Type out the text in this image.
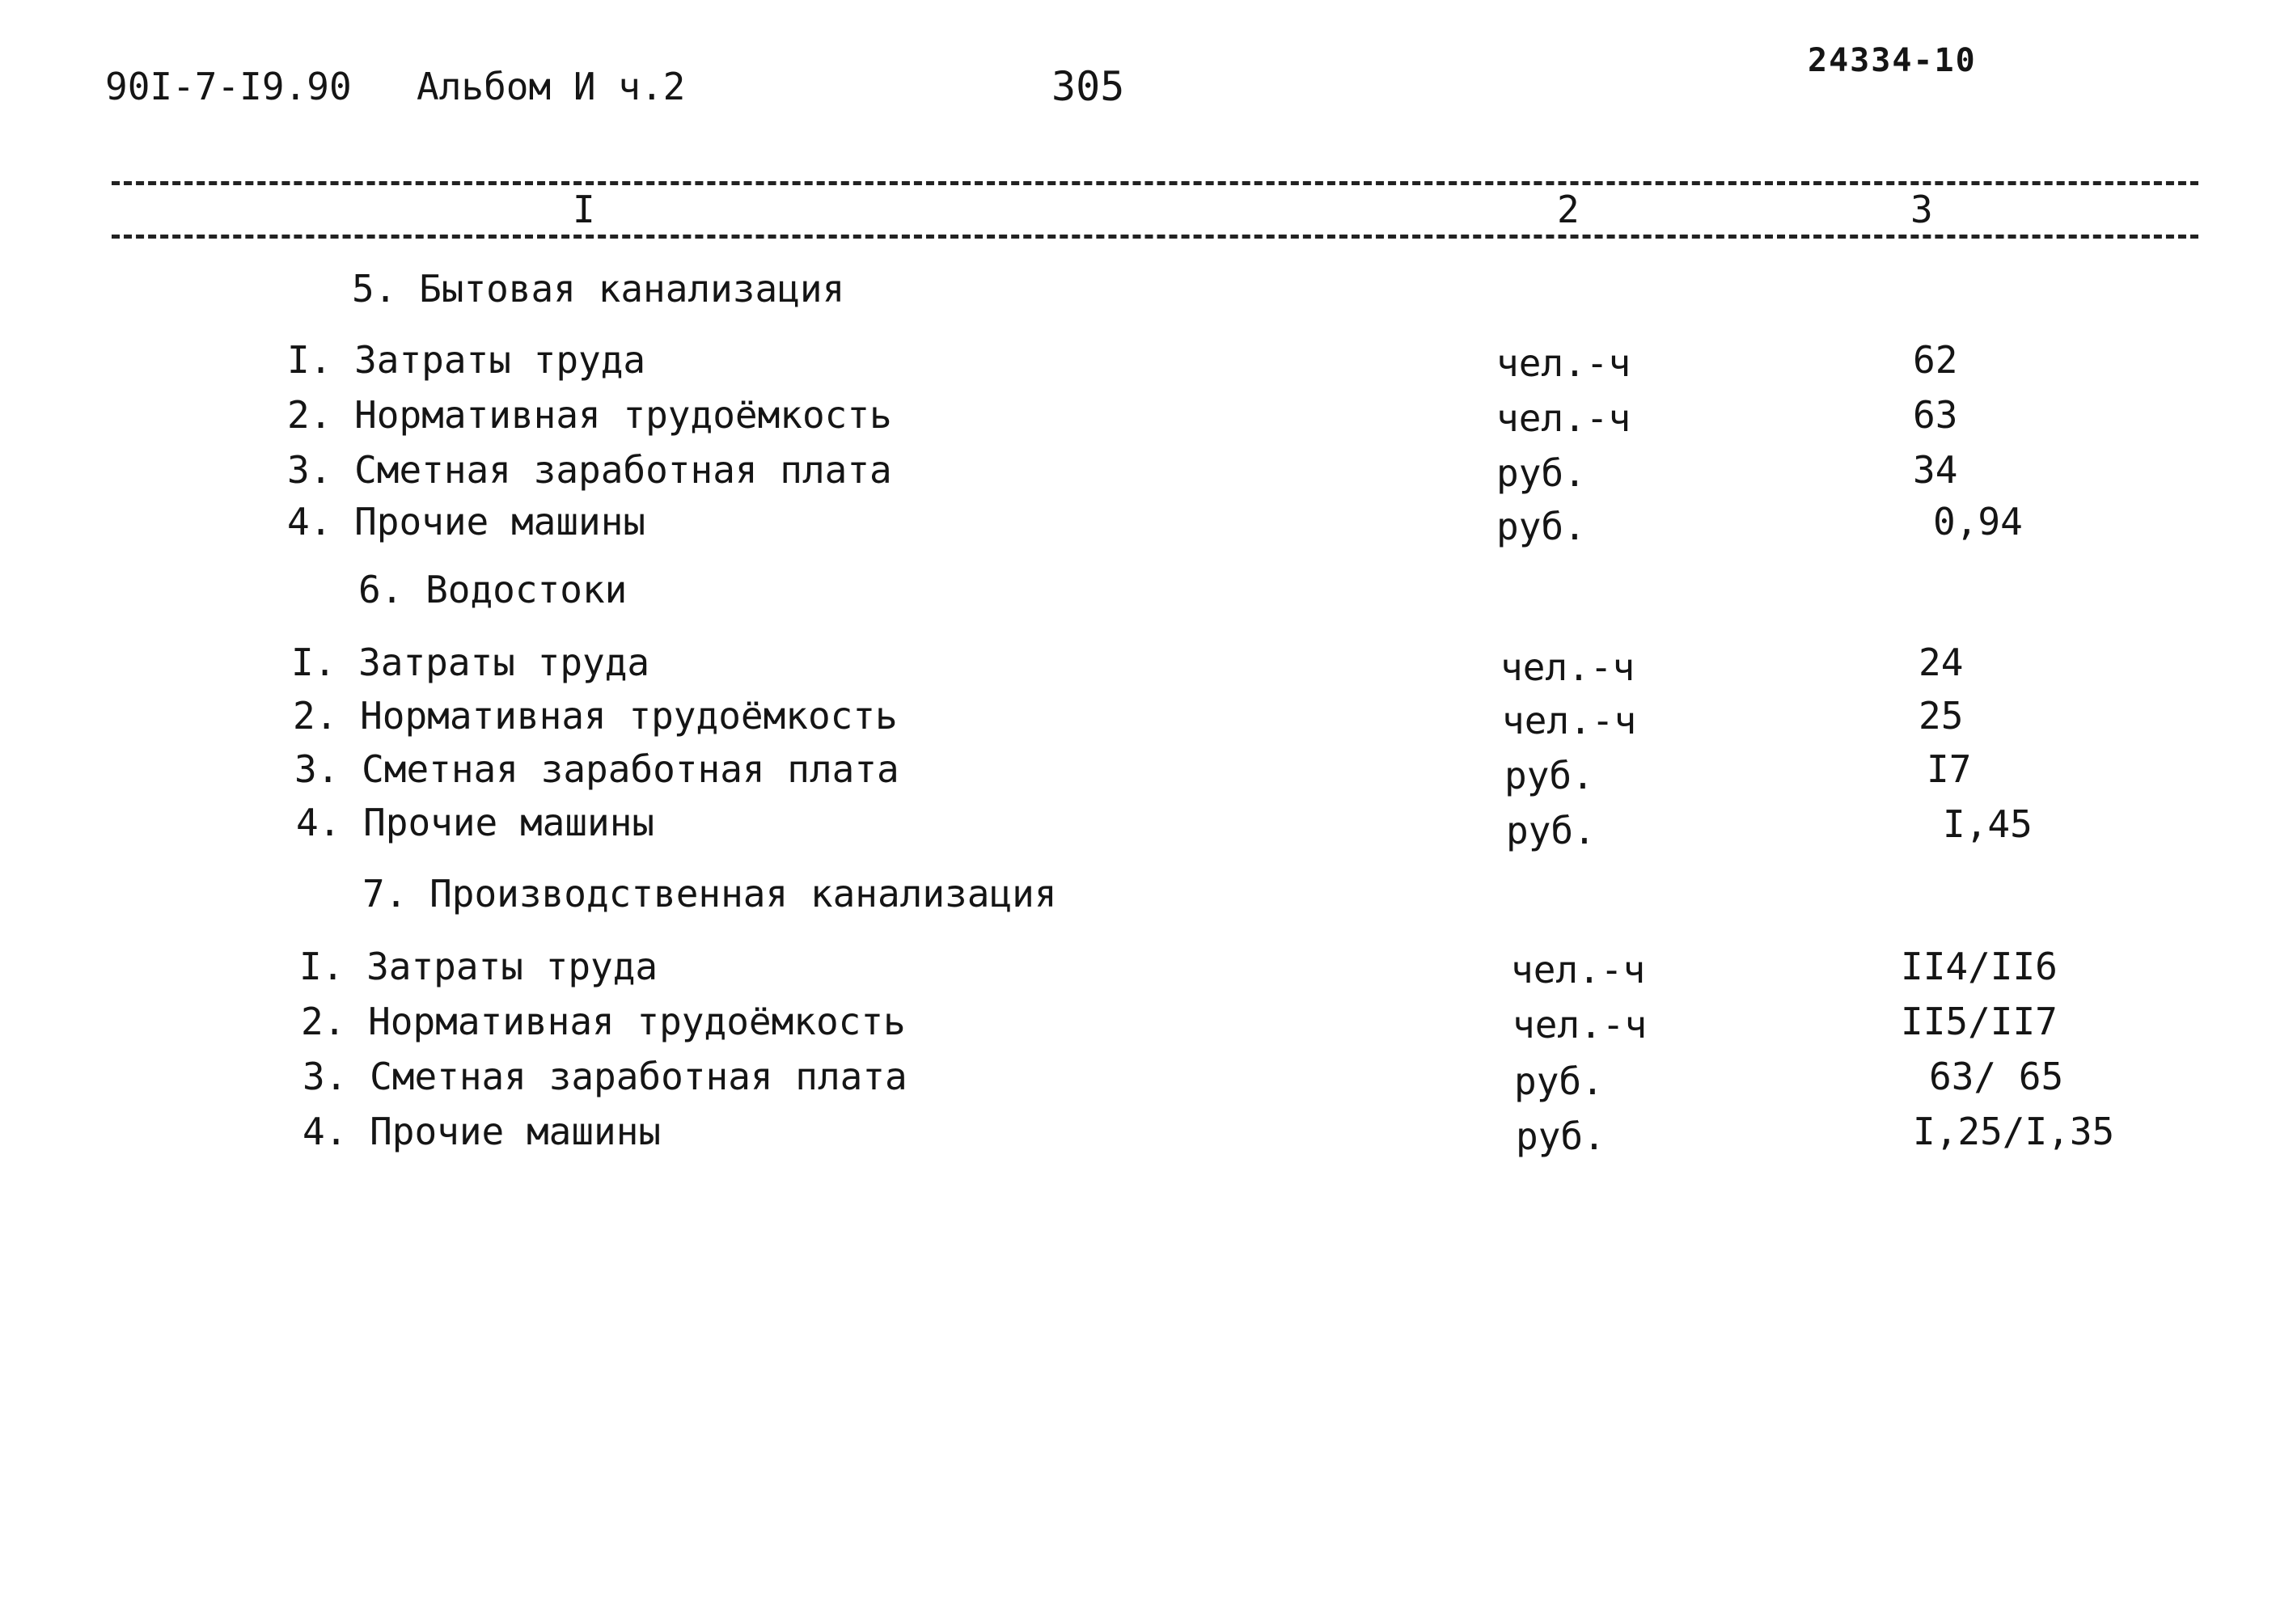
90I-7-I9.90 Альбом И ч.2	305
24334-10
I	2	3
5. Бытовая канализация
I. Затраты труда	чел.-ч	62
2. Нормативная трудоёмкость	чел.-ч	63
3. Сметная заработная плата	руб.	34
4. Прочие машины	руб.	0,94
6. Водостоки
I. Затраты труда	чел.-ч	24
2. Нормативная трудоёмкость	чел.-ч	25
3. Сметная заработная плата	руб.	I7
4. Прочие машины	руб.	I,45
7. Производственная канализация
I. Затраты труда	чел.-ч	II4/II6
2. Нормативная трудоёмкость	чел.-ч	II5/II7
3. Сметная заработная плата	руб.	63/ 65
4. Прочие машины	руб.	I,25/I,35
